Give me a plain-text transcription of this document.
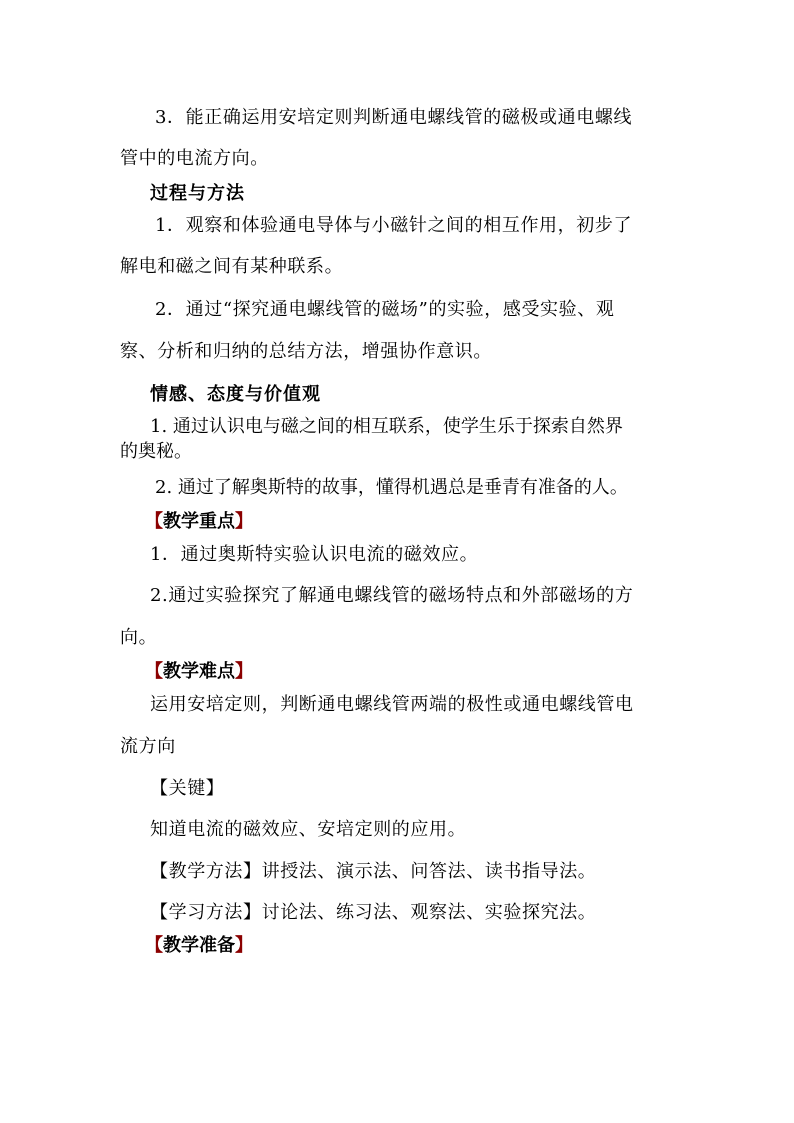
3．能正确运用安培定则判断通电螺线管的磁极或通电螺线
管中的电流方向。
过程与方法
1．观察和体验通电导体与小磁针之间的相互作用，初步了
解电和磁之间有某种联系。
2．通过“探究通电螺线管的磁场”的实验，感受实验、观
察、分析和归纳的总结方法，增强协作意识。
情感、态度与价值观
1. 通过认识电与磁之间的相互联系，使学生乐于探索自然界
的奥秘。
2. 通过了解奥斯特的故事，懂得机遇总是垂青有准备的人。
【教学重点】
1．通过奥斯特实验认识电流的磁效应。
2.通过实验探究了解通电螺线管的磁场特点和外部磁场的方
向。
【教学难点】
运用安培定则，判断通电螺线管两端的极性或通电螺线管电
流方向
【关键】
知道电流的磁效应、安培定则的应用。
【教学方法】讲授法、演示法、问答法、读书指导法。
【学习方法】讨论法、练习法、观察法、实验探究法。
【教学准备】
